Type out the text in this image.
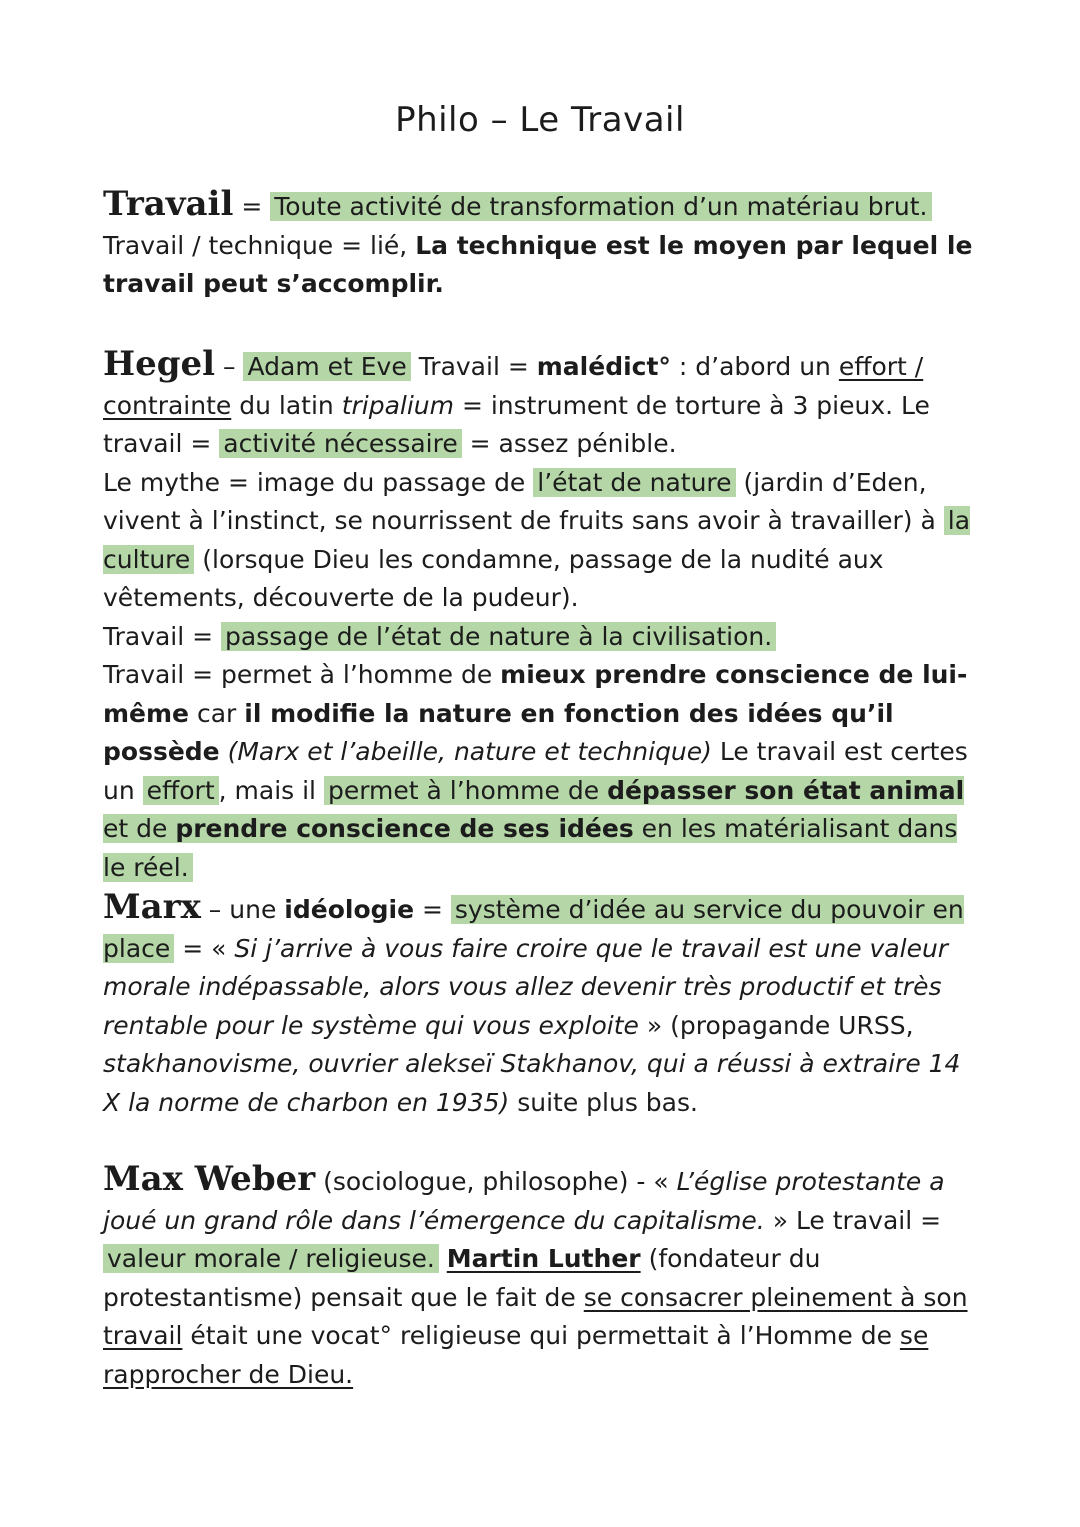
Philo – Le Travail
Travail = Toute activité de transformation d’un matériau brut. Travail / technique = lié, La technique est le moyen par lequel le travail peut s’accomplir.
Hegel – Adam et Eve Travail = malédict° : d’abord un effort / contrainte du latin tripalium = instrument de torture à 3 pieux. Le travail = activité nécessaire = assez pénible.
Le mythe = image du passage de l’état de nature (jardin d’Eden, vivent à l’instinct, se nourrissent de fruits sans avoir à travailler) à la culture (lorsque Dieu les condamne, passage de la nudité aux vêtements, découverte de la pudeur).
Travail = passage de l’état de nature à la civilisation.
Travail = permet à l’homme de mieux prendre conscience de lui-même car il modifie la nature en fonction des idées qu’il possède (Marx et l’abeille, nature et technique) Le travail est certes un effort , mais il permet à l’homme de dépasser son état animal et de prendre conscience de ses idées en les matérialisant dans le réel.
Marx – une idéologie = système d’idée au service du pouvoir en place = « Si j’arrive à vous faire croire que le travail est une valeur morale indépassable, alors vous allez devenir très productif et très rentable pour le système qui vous exploite » (propagande URSS, stakhanovisme, ouvrier alekseï Stakhanov, qui a réussi à extraire 14 X la norme de charbon en 1935) suite plus bas.
Max Weber (sociologue, philosophe) - « L’église protestante a joué un grand rôle dans l’émergence du capitalisme. » Le travail = valeur morale / religieuse. Martin Luther (fondateur du protestantisme) pensait que le fait de se consacrer pleinement à son travail était une vocat° religieuse qui permettait à l’Homme de se rapprocher de Dieu.
